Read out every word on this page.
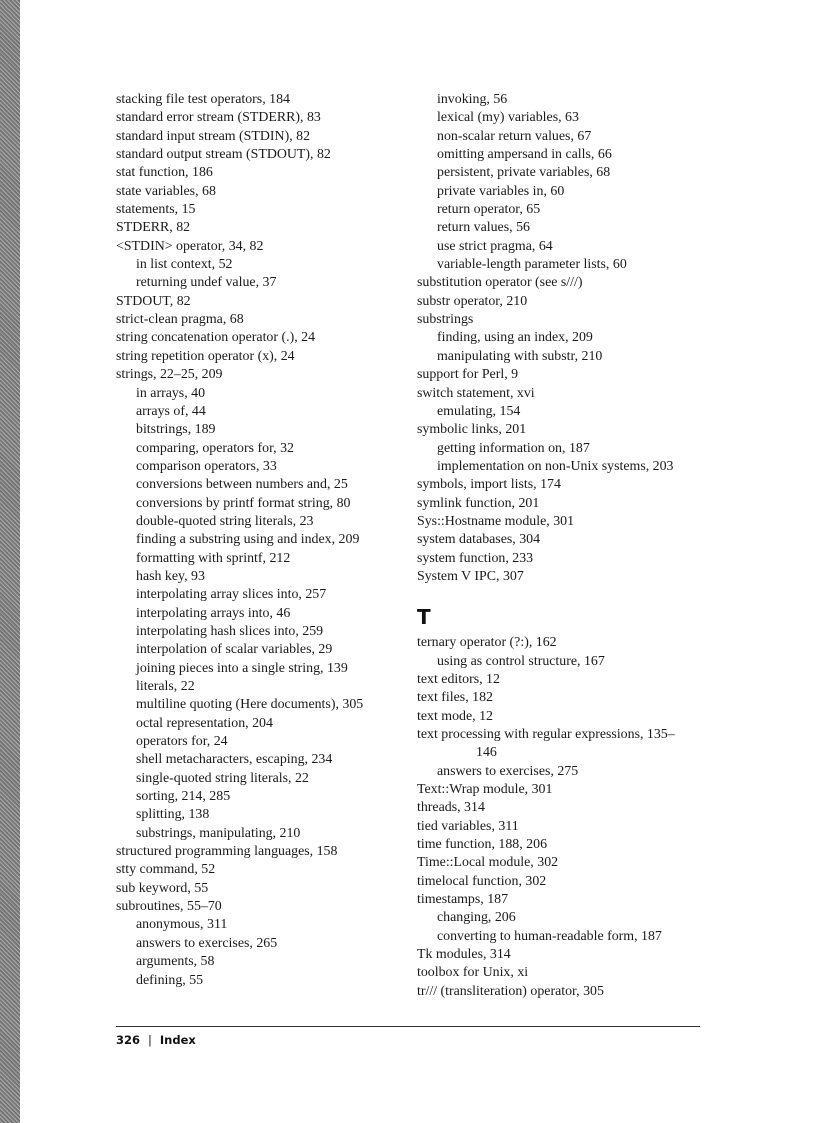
stacking file test operators, 184
standard error stream (STDERR), 83
standard input stream (STDIN), 82
standard output stream (STDOUT), 82
stat function, 186
state variables, 68
statements, 15
STDERR, 82
<STDIN> operator, 34, 82
in list context, 52
returning undef value, 37
STDOUT, 82
strict-clean pragma, 68
string concatenation operator (.), 24
string repetition operator (x), 24
strings, 22–25, 209
in arrays, 40
arrays of, 44
bitstrings, 189
comparing, operators for, 32
comparison operators, 33
conversions between numbers and, 25
conversions by printf format string, 80
double-quoted string literals, 23
finding a substring using and index, 209
formatting with sprintf, 212
hash key, 93
interpolating array slices into, 257
interpolating arrays into, 46
interpolating hash slices into, 259
interpolation of scalar variables, 29
joining pieces into a single string, 139
literals, 22
multiline quoting (Here documents), 305
octal representation, 204
operators for, 24
shell metacharacters, escaping, 234
single-quoted string literals, 22
sorting, 214, 285
splitting, 138
substrings, manipulating, 210
structured programming languages, 158
stty command, 52
sub keyword, 55
subroutines, 55–70
anonymous, 311
answers to exercises, 265
arguments, 58
defining, 55
invoking, 56
lexical (my) variables, 63
non-scalar return values, 67
omitting ampersand in calls, 66
persistent, private variables, 68
private variables in, 60
return operator, 65
return values, 56
use strict pragma, 64
variable-length parameter lists, 60
substitution operator (see s///)
substr operator, 210
substrings
finding, using an index, 209
manipulating with substr, 210
support for Perl, 9
switch statement, xvi
emulating, 154
symbolic links, 201
getting information on, 187
implementation on non-Unix systems, 203
symbols, import lists, 174
symlink function, 201
Sys::Hostname module, 301
system databases, 304
system function, 233
System V IPC, 307
T
ternary operator (?:), 162
using as control structure, 167
text editors, 12
text files, 182
text mode, 12
text processing with regular expressions, 135–
146
answers to exercises, 275
Text::Wrap module, 301
threads, 314
tied variables, 311
time function, 188, 206
Time::Local module, 302
timelocal function, 302
timestamps, 187
changing, 206
converting to human-readable form, 187
Tk modules, 314
toolbox for Unix, xi
tr/// (transliteration) operator, 305
326 | Index
